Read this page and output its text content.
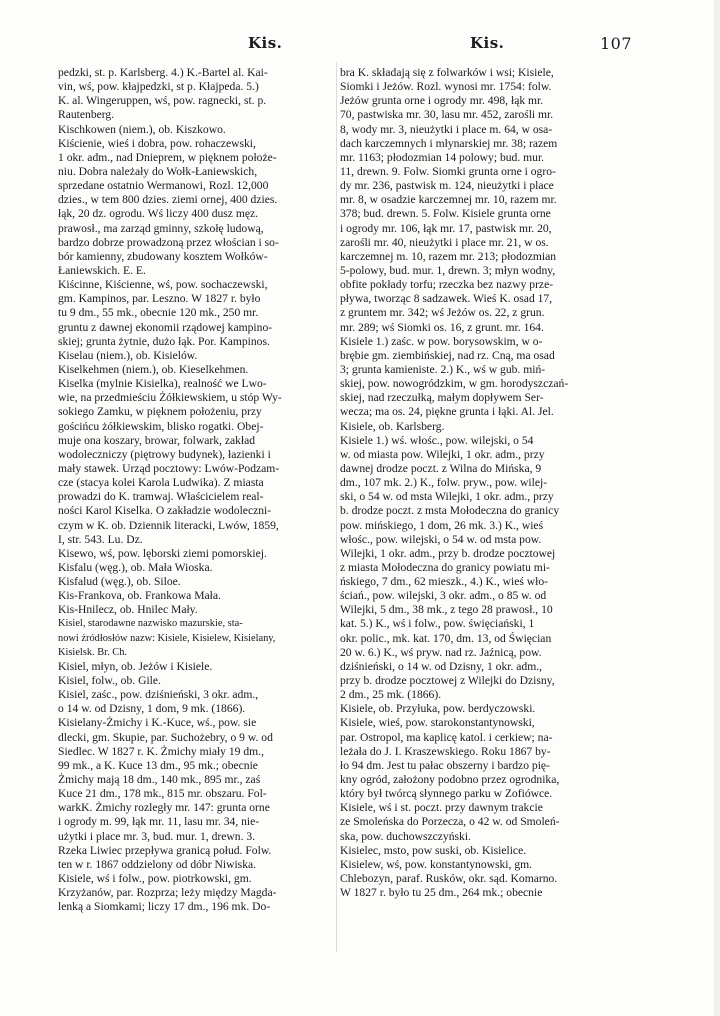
Kis.	Kis.	107
pedzki, st. p. Karlsberg. 4.) K.-Bartel al. Kai-
vin, wś, pow. kłajpedzki, st p. Kłajpeda. 5.)
K. al. Wingeruppen, wś, pow. ragnecki, st. p.
Rautenberg.
Kischkowen (niem.), ob. Kiszkowo.
Kiścienie, wieś i dobra, pow. rohaczewski,
1 okr. adm., nad Dnieprem, w pięknem położe-
niu. Dobra należały do Wołk-Łaniewskich,
sprzedane ostatnio Wermanowi, Rozl. 12,000
dzies., w tem 800 dzies. ziemi ornej, 400 dzies.
łąk, 20 dz. ogrodu. Wś liczy 400 dusz męz.
prawosł., ma zarząd gminny, szkołę ludową,
bardzo dobrze prowadzoną przez włościan i so-
bór kamienny, zbudowany kosztem Wołków-
Łaniewskich. E. E.
Kiścinne, Kiścienne, wś, pow. sochaczewski,
gm. Kampinos, par. Leszno. W 1827 r. było
tu 9 dm., 55 mk., obecnie 120 mk., 250 mr.
gruntu z dawnej ekonomii rządowej kampino-
skiej; grunta żytnie, dużo łąk. Por. Kampinos.
Kiselau (niem.), ob. Kisielów.
Kiselkehmen (niem.), ob. Kieselkehmen.
Kiselka (mylnie Kisielka), realność we Lwo-
wie, na przedmieściu Żółkiewskiem, u stóp Wy-
sokiego Zamku, w pięknem położeniu, przy
gościńcu żółkiewskim, blisko rogatki. Obej-
muje ona koszary, browar, folwark, zakład
wodoleczniczy (piętrowy budynek), łazienki i
mały stawek. Urząd pocztowy: Lwów-Podzam-
cze (stacya kolei Karola Ludwika). Z miasta
prowadzi do K. tramwaj. Właścicielem real-
ności Karol Kiselka. O zakładzie wodoleczni-
czym w K. ob. Dziennik literacki, Lwów, 1859,
I, str. 543. Lu. Dz.
Kisewo, wś, pow. lęborski ziemi pomorskiej.
Kisfalu (węg.), ob. Mała Wioska.
Kisfalud (węg.), ob. Siloe.
Kis-Frankova, ob. Frankowa Mała.
Kis-Hnilecz, ob. Hnilec Mały.
Kisiel, starodawne nazwisko mazurskie, sta-
nowi źródłosłów nazw: Kisiele, Kisielew, Kisielany,
Kisielsk. Br. Ch.
Kisiel, młyn, ob. Jeżów i Kisiele.
Kisiel, folw., ob. Gile.
Kisiel, zaśc., pow. dziśnieński, 3 okr. adm.,
o 14 w. od Dzisny, 1 dom, 9 mk. (1866).
Kisielany-Żmichy i K.-Kuce, wś., pow. sie
dlecki, gm. Skupie, par. Suchożebry, o 9 w. od
Siedlec. W 1827 r. K. Żmichy miały 19 dm.,
99 mk., a K. Kuce 13 dm., 95 mk.; obecnie
Żmichy mają 18 dm., 140 mk., 895 mr., zaś
Kuce 21 dm., 178 mk., 815 mr. obszaru. Fol-
warkK. Żmichy rozległy mr. 147: grunta orne
i ogrody m. 99, łąk mr. 11, lasu mr. 34, nie-
użytki i place mr. 3, bud. mur. 1, drewn. 3.
Rzeka Liwiec przepływa granicą połud. Folw.
ten w r. 1867 oddzielony od dóbr Niwiska.
Kisiele, wś i folw., pow. piotrkowski, gm.
Krzyżanów, par. Rozprza; leży między Magda-
lenką a Siomkami; liczy 17 dm., 196 mk. Do-
bra K. składają się z folwarków i wsi; Kisiele,
Siomki i Jeżów. Rozl. wynosi mr. 1754: folw.
Jeżów grunta orne i ogrody mr. 498, łąk mr.
70, pastwiska mr. 30, lasu mr. 452, zarośli mr.
8, wody mr. 3, nieużytki i place m. 64, w osa-
dach karczemnych i młynarskiej mr. 38; razem
mr. 1163; płodozmian 14 polowy; bud. mur.
11, drewn. 9. Folw. Siomki grunta orne i ogro-
dy mr. 236, pastwisk m. 124, nieużytki i place
mr. 8, w osadzie karczemnej mr. 10, razem mr.
378; bud. drewn. 5. Folw. Kisiele grunta orne
i ogrody mr. 106, łąk mr. 17, pastwisk mr. 20,
zarośli mr. 40, nieużytki i place mr. 21, w os.
karczemnej m. 10, razem mr. 213; płodozmian
5-polowy, bud. mur. 1, drewn. 3; młyn wodny,
obfite pokłady torfu; rzeczka bez nazwy prze-
pływa, tworząc 8 sadzawek. Wieś K. osad 17,
z gruntem mr. 342; wś Jeżów os. 22, z grun.
mr. 289; wś Siomki os. 16, z grunt. mr. 164.
Kisiele 1.) zaśc. w pow. borysowskim, w o-
brębie gm. ziembińskiej, nad rz. Cną, ma osad
3; grunta kamieniste. 2.) K., wś w gub. miń-
skiej, pow. nowogródzkim, w gm. horodyszczań-
skiej, nad rzeczułką, małym dopływem Ser-
wecza; ma os. 24, piękne grunta i łąki. Al. Jel.
Kisiele, ob. Karlsberg.
Kisiele 1.) wś. włośc., pow. wilejski, o 54
w. od miasta pow. Wilejki, 1 okr. adm., przy
dawnej drodze poczt. z Wilna do Mińska, 9
dm., 107 mk. 2.) K., folw. pryw., pow. wilej-
ski, o 54 w. od msta Wilejki, 1 okr. adm., przy
b. drodze poczt. z msta Mołodeczna do granicy
pow. mińskiego, 1 dom, 26 mk. 3.) K., wieś
włośc., pow. wilejski, o 54 w. od msta pow.
Wilejki, 1 okr. adm., przy b. drodze pocztowej
z miasta Mołodeczna do granicy powiatu mi-
ńskiego, 7 dm., 62 mieszk., 4.) K., wieś wło-
ściań., pow. wilejski, 3 okr. adm., o 85 w. od
Wilejki, 5 dm., 38 mk., z tego 28 prawosł., 10
kat. 5.) K., wś i folw., pow. święciański, 1
okr. polic., mk. kat. 170, dm. 13, od Święcian
20 w. 6.) K., wś pryw. nad rz. Jaźnicą, pow.
dziśnieński, o 14 w. od Dzisny, 1 okr. adm.,
przy b. drodze pocztowej z Wilejki do Dzisny,
2 dm., 25 mk. (1866).
Kisiele, ob. Przyłuka, pow. berdyczowski.
Kisiele, wieś, pow. starokonstantynowski,
par. Ostropol, ma kaplicę katol. i cerkiew; na-
leżała do J. I. Kraszewskiego. Roku 1867 by-
ło 94 dm. Jest tu pałac obszerny i bardzo pię-
kny ogród, założony podobno przez ogrodnika,
który był twórcą słynnego parku w Zofiówce.
Kisiele, wś i st. poczt. przy dawnym trakcie
ze Smoleńska do Porzecza, o 42 w. od Smoleń-
ska, pow. duchowszczyński.
Kisielec, msto, pow suski, ob. Kisielice.
Kisielew, wś, pow. konstantynowski, gm.
Chlebozyn, paraf. Rusków, okr. sąd. Komarno.
W 1827 r. było tu 25 dm., 264 mk.; obecnie
